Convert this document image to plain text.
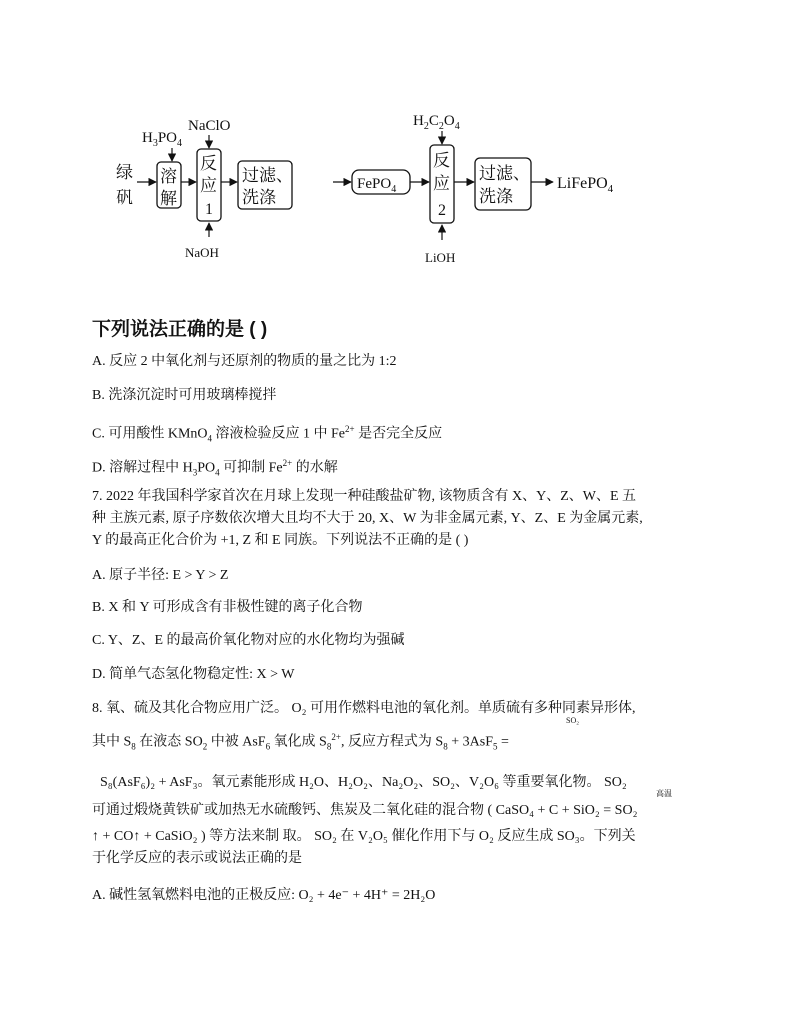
$H_3PO_4$
NaClO
绿
矾
溶
解
反
应
1
NaOH
过滤、
洗涤
FePO$_4$
$H_2C_2O_4$
反
应
2
LiOH
过滤、
洗涤
LiFePO$_4$
下列说法正确的是 ( )
A. 反应 2 中氧化剂与还原剂的物质的量之比为 1:2
B. 洗涤沉淀时可用玻璃棒搅拌
C. 可用酸性 KMnO$_4$ 溶液检验反应 1 中 $Fe^{2+}$ 是否完全反应
D. 溶解过程中 $H_3PO_4$ 可抑制 $Fe^{2+}$ 的水解
7. 2022 年我国科学家首次在月球上发现一种硅酸盐矿物, 该物质含有 X、Y、Z、W、E 五
种 主族元素, 原子序数依次增大且均不大于 20, X、W 为非金属元素, Y、Z、E 为金属元素,
Y 的最高正化合价为 +1, Z 和 E 同族。下列说法不正确的是 ( )
A. 原子半径: E > Y > Z
B. X 和 Y 可形成含有非极性键的离子化合物
C. Y、Z、E 的最高价氧化物对应的水化物均为强碱
D. 简单气态氢化物稳定性: X > W
8. 氧、硫及其化合物应用广泛。 O₂ 可用作燃料电池的氧化剂。单质硫有多种同素异形体,
SO₂
其中 $S_8$ 在液态 $SO_2$ 中被 AsF$_6$ 氧化成 $S_8^{2+}$, 反应方程式为 $S_8 + 3AsF_5$ =
S₈(AsF₆)₂ + AsF₃。氧元素能形成 H₂O、H₂O₂、Na₂O₂、SO₂、V₂O₆ 等重要氧化物。 SO₂
高温
可通过煅烧黄铁矿或加热无水硫酸钙、焦炭及二氧化硅的混合物 ( CaSO₄ + C + SiO₂ = SO₂
↑ + CO↑ + CaSiO₂ ) 等方法来制 取。 SO₂ 在 V₂O₅ 催化作用下与 O₂ 反应生成 SO₃。下列关
于化学反应的表示或说法正确的是
A. 碱性氢氧燃料电池的正极反应: O₂ + 4e⁻ + 4H⁺ = 2H₂O
